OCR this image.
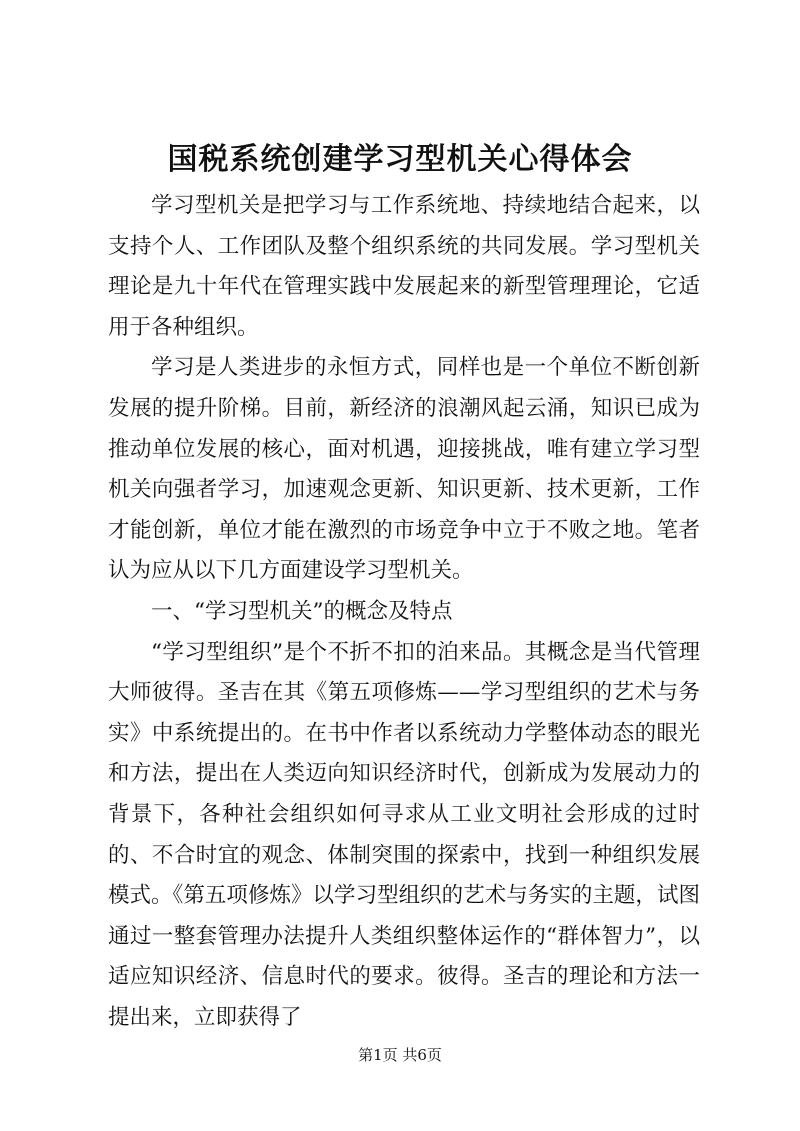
国税系统创建学习型机关心得体会

学习型机关是把学习与工作系统地、持续地结合起来，以支持个人、工作团队及整个组织系统的共同发展。学习型机关理论是九十年代在管理实践中发展起来的新型管理理论，它适用于各种组织。

学习是人类进步的永恒方式，同样也是一个单位不断创新发展的提升阶梯。目前，新经济的浪潮风起云涌，知识已成为推动单位发展的核心，面对机遇，迎接挑战，唯有建立学习型机关向强者学习，加速观念更新、知识更新、技术更新，工作才能创新，单位才能在激烈的市场竞争中立于不败之地。笔者认为应从以下几方面建设学习型机关。

一、“学习型机关”的概念及特点

“学习型组织”是个不折不扣的泊来品。其概念是当代管理大师彼得。圣吉在其《第五项修炼——学习型组织的艺术与务实》中系统提出的。在书中作者以系统动力学整体动态的眼光和方法，提出在人类迈向知识经济时代，创新成为发展动力的背景下，各种社会组织如何寻求从工业文明社会形成的过时的、不合时宜的观念、体制突围的探索中，找到一种组织发展模式。《第五项修炼》以学习型组织的艺术与务实的主题，试图通过一整套管理办法提升人类组织整体运作的“群体智力”，以适应知识经济、信息时代的要求。彼得。圣吉的理论和方法一提出来，立即获得了

第1页 共6页
